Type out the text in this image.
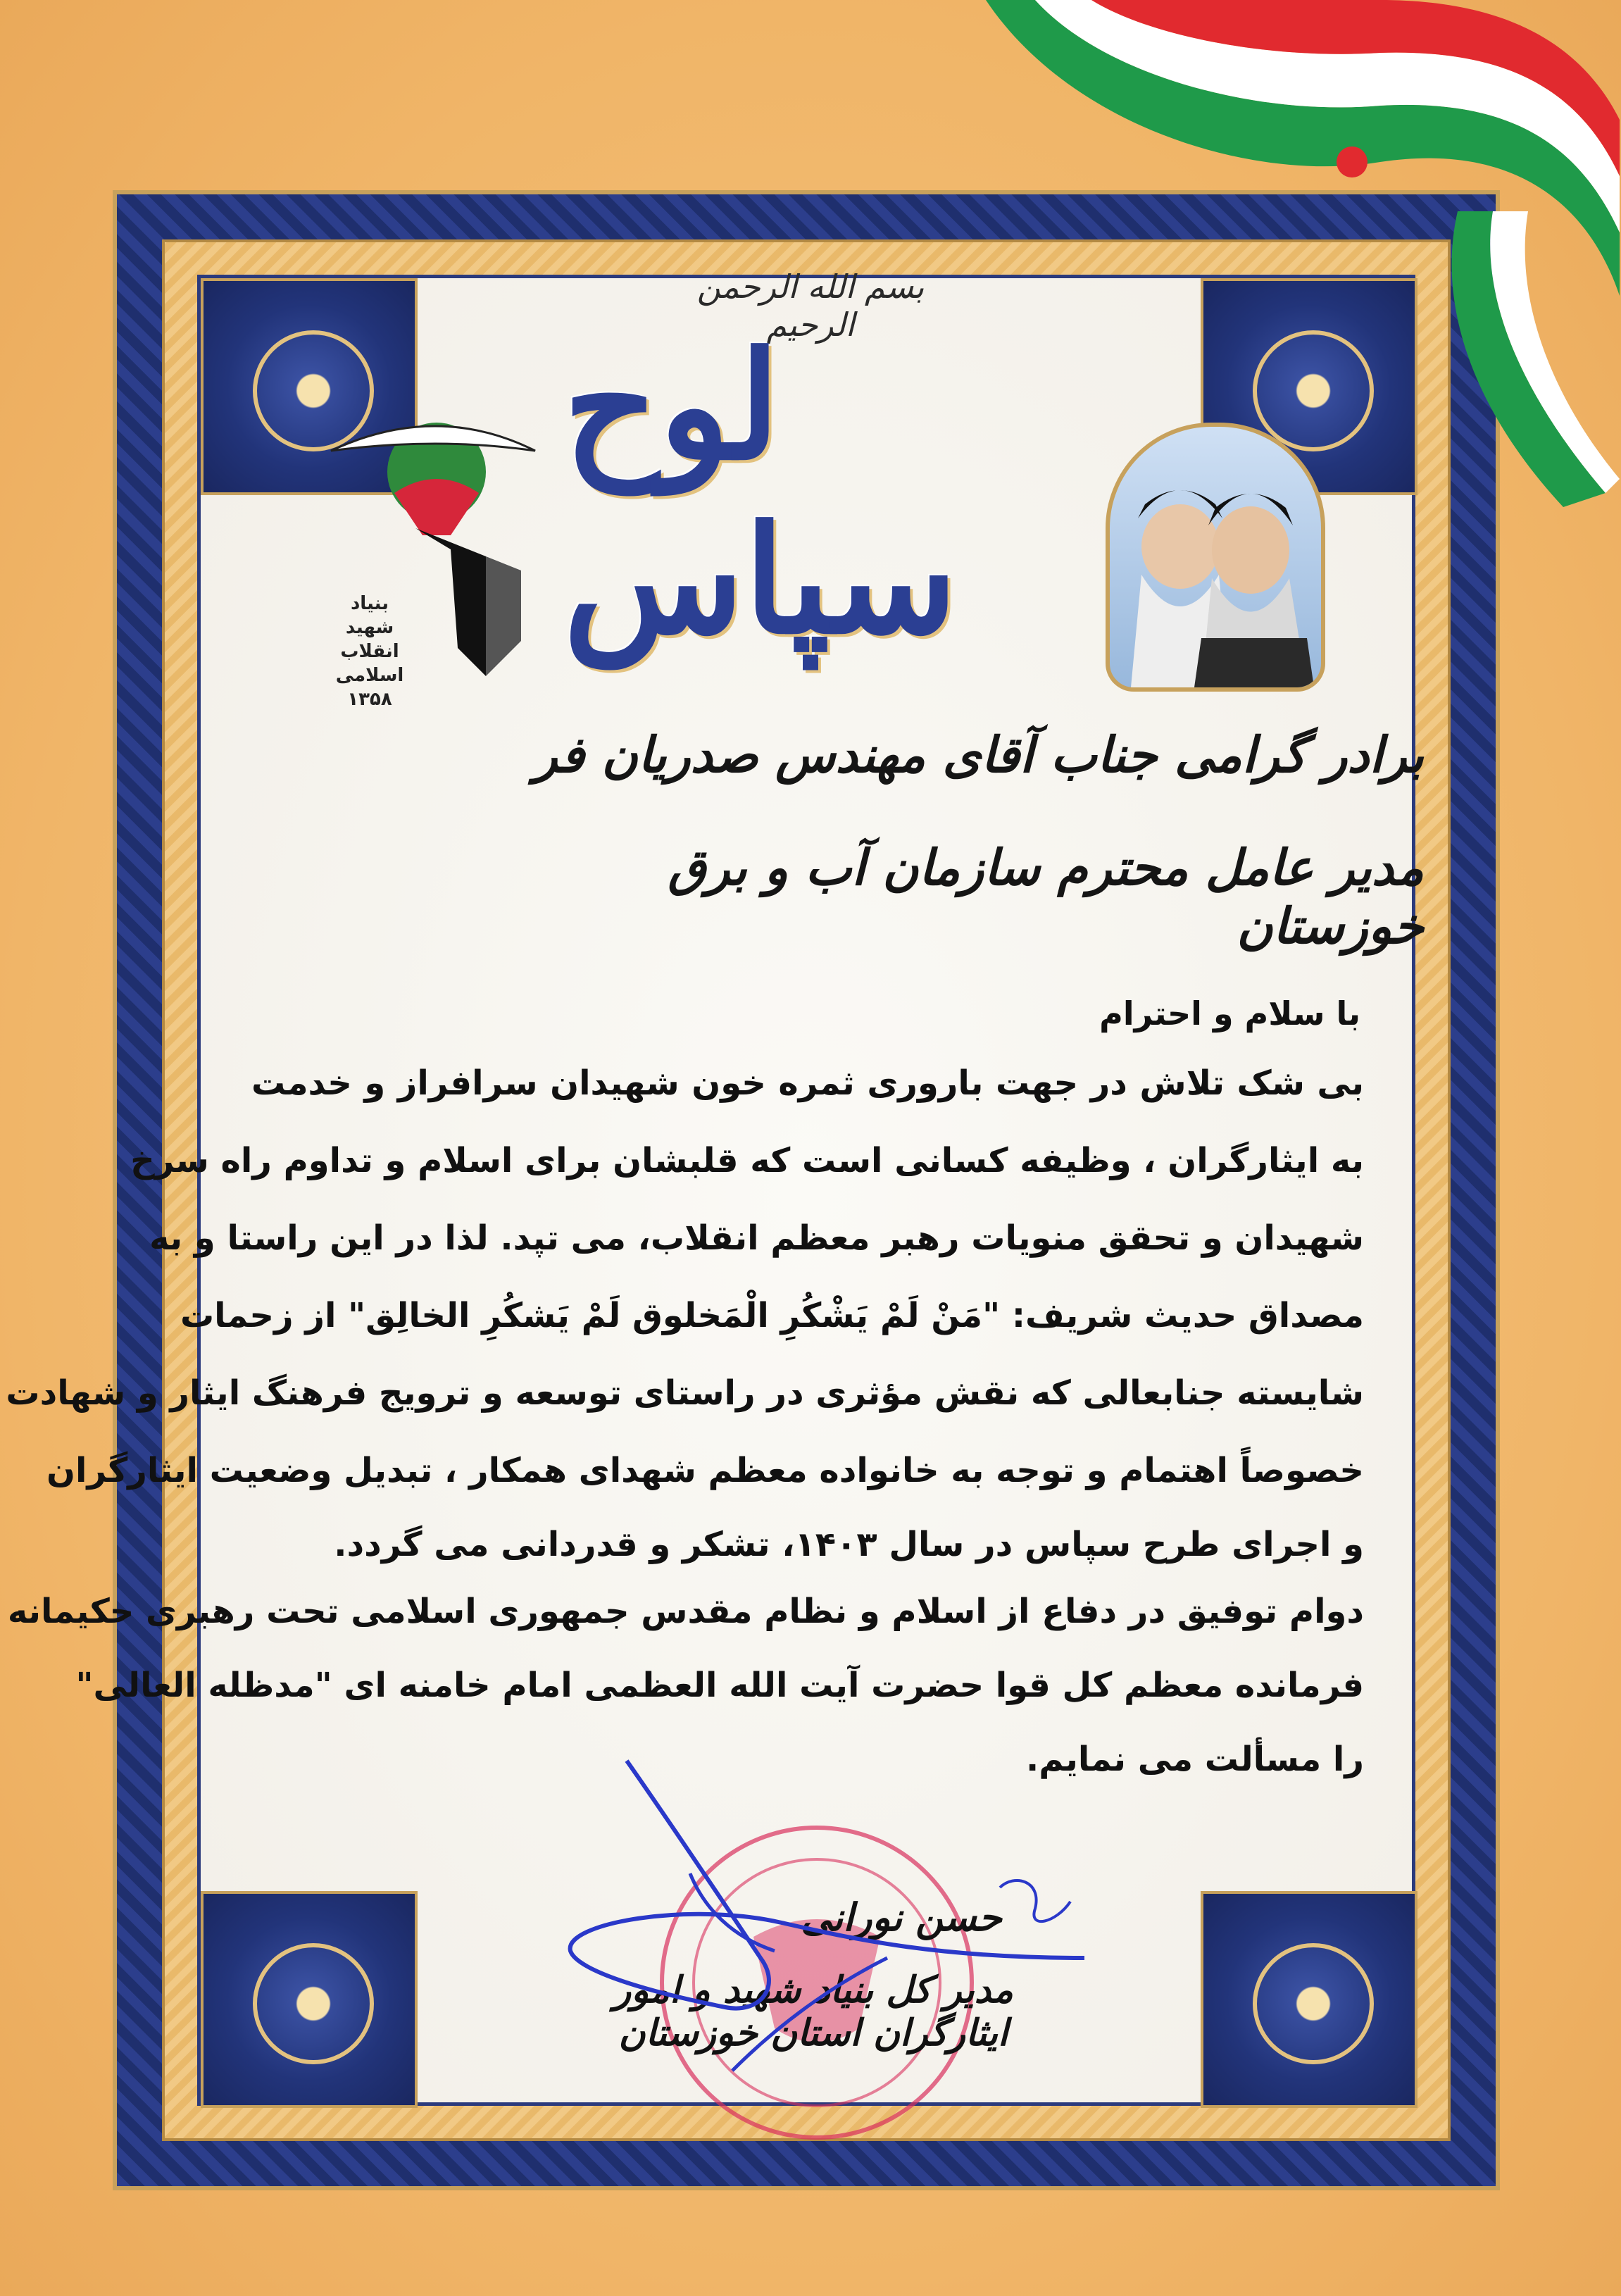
بسم الله الرحمن الرحیم
لوح سپاس
بنیاد
شهید
انقلاب اسلامی
۱۳۵۸
برادر گرامی جناب آقای مهندس صدریان فر
مدیر عامل محترم سازمان آب و برق خوزستان
با سلام و احترام
بی شک تلاش در جهت باروری ثمره خون شهیدان سرافراز و خدمت
به ایثارگران ، وظیفه کسانی است که قلبشان برای اسلام و تداوم راه سرخ
شهیدان و تحقق منویات رهبر معظم انقلاب، می تپد. لذا در این راستا و به
مصداق حدیث شریف: "مَنْ لَمْ یَشْکُرِ الْمَخلوق لَمْ یَشکُرِ الخالِق" از زحمات
شایسته جنابعالی که نقش مؤثری در راستای توسعه و ترویج فرهنگ ایثار و شهادت
خصوصاً اهتمام و توجه به خانواده معظم شهدای همکار ، تبدیل وضعیت ایثارگران
و اجرای طرح سپاس در سال ۱۴۰۳، تشکر و قدردانی می گردد.
دوام توفیق در دفاع از اسلام و نظام مقدس جمهوری اسلامی تحت رهبری حکیمانه
فرمانده معظم کل قوا حضرت آیت الله العظمی امام خامنه ای "مدظله العالی"
را مسألت می نمایم.
حسن نورانی
مدیر کل بنیاد شهید و امور ایثارگران استان خوزستان
